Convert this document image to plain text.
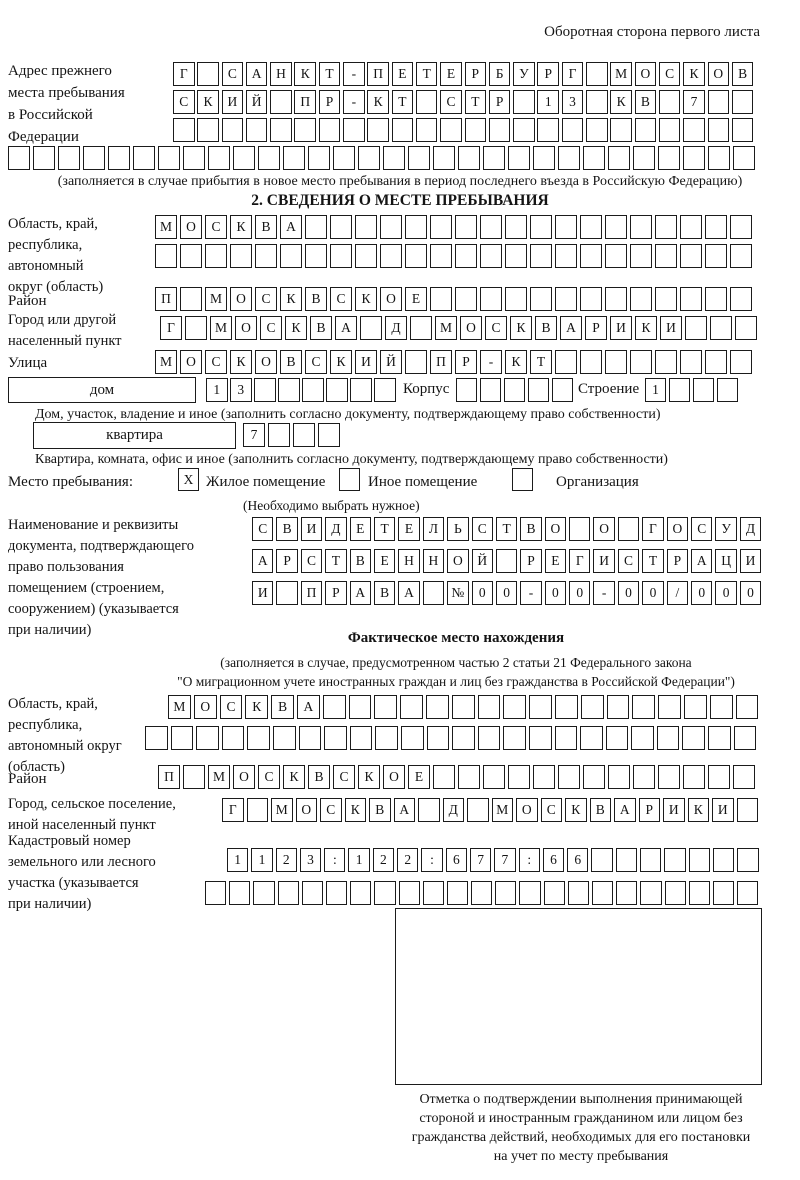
Оборотная сторона первого листа
Адрес прежнего
места пребывания
в Российской
Федерации
Г	С	А	Н	К	Т	-	П	Е	Т	Е	Р	Б	У	Р	Г	М О	С	К	О	В
С	К	И	Й	П	Р	-	К	Т	С	Т	Р	1	3	К	В	7
(заполняется в случае прибытия в новое место пребывания в период последнего въезда в Российскую Федерацию)
2. СВЕДЕНИЯ О МЕСТЕ ПРЕБЫВАНИЯ
Область, край,
республика,
автономный
округ (область)
М	О	С	К	В	А
Район	П	М	О	С	К	В	С	К	О	Е
Город или другой
населенный пункт
Г	М	О	С	К	В	А	Д	М	О	С	К	В	А	Р	И	К	И
Улица	М	О	С	К	О	В	С	К	И	Й	П	Р	-	К	Т
дом	1	3	Корпус	Строение 1
Дом, участок, владение и иное (заполнить согласно документу, подтверждающему право собственности)
квартира	7
Квартира, комната, офис и иное (заполнить согласно документу, подтверждающему право собственности)
Место пребывания:	X Жилое помещение	Иное помещение	Организация
(Необходимо выбрать нужное)
Наименование и реквизиты
документа, подтверждающего
право пользования
помещением (строением,
сооружением) (указывается
при наличии)
С	В	И	Д	Е	Т	Е	Л	Ь	С	Т	В	О	О	Г	О	С	У	Д
А	Р	С	Т	В	Е	Н	Н	О	Й	Р	Е	Г	И	С	Т	Р	А	Ц	И
И	П	Р	А	В	А	№	0	0	-	0	0	-	0	0	/	0	0	0
Фактическое место нахождения
(заполняется в случае, предусмотренном частью 2 статьи 21 Федерального закона
"О миграционном учете иностранных граждан и лиц без гражданства в Российской Федерации")
Область, край,
республика,
автономный округ
(область)
М	О	С	К	В	А
Район	П	М	О	С	К	В	С	К	О	Е
Город, сельское поселение,
иной населенный пункт
Г	М	О	С	К	В	А	Д	М	О	С	К	В	А	Р	И	К	И
Кадастровый номер
земельного или лесного
участка (указывается
при наличии)
1	1	2	3	:	1	2	2	:	6	7	7	:	6	6
Отметка о подтверждении выполнения принимающей
стороной и иностранным гражданином или лицом без
гражданства действий, необходимых для его постановки
на учет по месту пребывания
